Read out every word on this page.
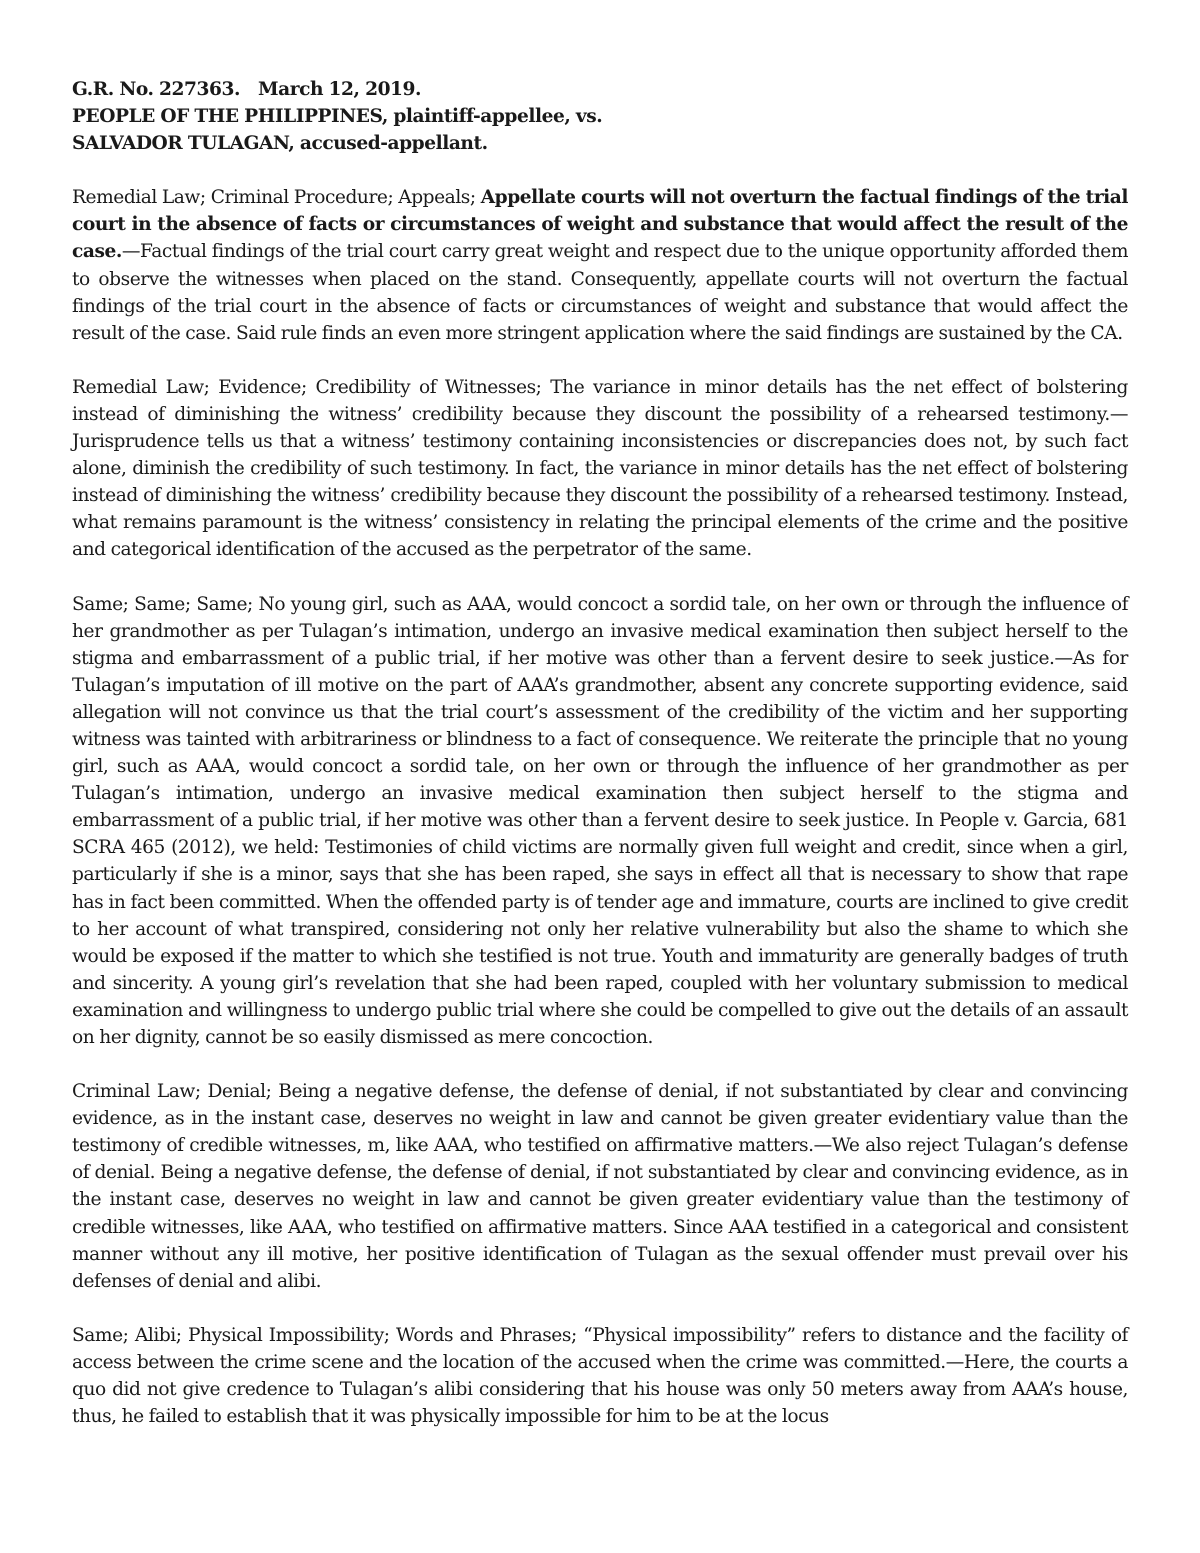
G.R. No. 227363. March 12, 2019.

PEOPLE OF THE PHILIPPINES, plaintiff-appellee, vs.

SALVADOR TULAGAN, accused-appellant.

Remedial Law; Criminal Procedure; Appeals; Appellate courts will not overturn the factual findings of the trial court in the absence of facts or circumstances of weight and substance that would affect the result of the case.—Factual findings of the trial court carry great weight and respect due to the unique opportunity afforded them to observe the witnesses when placed on the stand. Consequently, appellate courts will not overturn the factual findings of the trial court in the absence of facts or circumstances of weight and substance that would affect the result of the case. Said rule finds an even more stringent application where the said findings are sustained by the CA.

Remedial Law; Evidence; Credibility of Witnesses; The variance in minor details has the net effect of bolstering instead of diminishing the witness’ credibility because they discount the possibility of a rehearsed testimony.—Jurisprudence tells us that a witness’ testimony containing inconsistencies or discrepancies does not, by such fact alone, diminish the credibility of such testimony. In fact, the variance in minor details has the net effect of bolstering instead of diminishing the witness’ credibility because they discount the possibility of a rehearsed testimony. Instead, what remains paramount is the witness’ consistency in relating the principal elements of the crime and the positive and categorical identification of the accused as the perpetrator of the same.

Same; Same; Same; No young girl, such as AAA, would concoct a sordid tale, on her own or through the influence of her grandmother as per Tulagan’s intimation, undergo an invasive medical examination then subject herself to the stigma and embarrassment of a public trial, if her motive was other than a fervent desire to seek justice.—As for Tulagan’s imputation of ill motive on the part of AAA’s grandmother, absent any concrete supporting evidence, said allegation will not convince us that the trial court’s assessment of the credibility of the victim and her supporting witness was tainted with arbitrariness or blindness to a fact of consequence. We reiterate the principle that no young girl, such as AAA, would concoct a sordid tale, on her own or through the influence of her grandmother as per Tulagan’s intimation, undergo an invasive medical examination then subject herself to the stigma and embarrassment of a public trial, if her motive was other than a fervent desire to seek justice. In People v. Garcia, 681 SCRA 465 (2012), we held: Testimonies of child victims are normally given full weight and credit, since when a girl, particularly if she is a minor, says that she has been raped, she says in effect all that is necessary to show that rape has in fact been committed. When the offended party is of tender age and immature, courts are inclined to give credit to her account of what transpired, considering not only her relative vulnerability but also the shame to which she would be exposed if the matter to which she testified is not true. Youth and immaturity are generally badges of truth and sincerity. A young girl’s revelation that she had been raped, coupled with her voluntary submission to medical examination and willingness to undergo public trial where she could be compelled to give out the details of an assault on her dignity, cannot be so easily dismissed as mere concoction.

Criminal Law; Denial; Being a negative defense, the defense of denial, if not substantiated by clear and convincing evidence, as in the instant case, deserves no weight in law and cannot be given greater evidentiary value than the testimony of credible witnesses, m, like AAA, who testified on affirmative matters.—We also reject Tulagan’s defense of denial. Being a negative defense, the defense of denial, if not substantiated by clear and convincing evidence, as in the instant case, deserves no weight in law and cannot be given greater evidentiary value than the testimony of credible witnesses, like AAA, who testified on affirmative matters. Since AAA testified in a categorical and consistent manner without any ill motive, her positive identification of Tulagan as the sexual offender must prevail over his defenses of denial and alibi.

Same; Alibi; Physical Impossibility; Words and Phrases; “Physical impossibility” refers to distance and the facility of access between the crime scene and the location of the accused when the crime was committed.—Here, the courts a quo did not give credence to Tulagan’s alibi considering that his house was only 50 meters away from AAA’s house, thus, he failed to establish that it was physically impossible for him to be at the locus
